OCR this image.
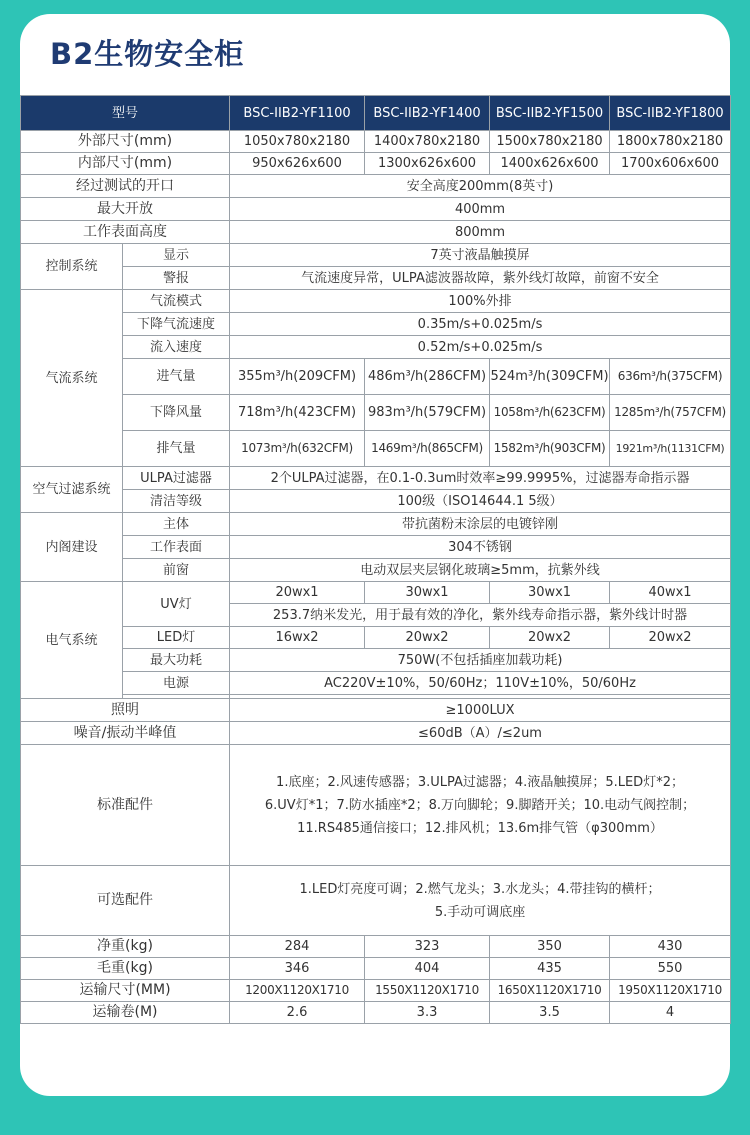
B2生物安全柜
型号		BSC-IIB2-YF1100	BSC-IIB2-YF1400	BSC-IIB2-YF1500	BSC-IIB2-YF1800
外部尺寸(mm)		1050x780x2180	1400x780x2180	1500x780x2180	1800x780x2180
内部尺寸(mm)		950x626x600	1300x626x600	1400x626x600	1700x606x600
经过测试的开口		安全高度200mm(8英寸)			
最大开放		400mm			
工作表面高度		800mm			
控制系统	显示	7英寸液晶触摸屏			
	警报	气流速度异常，ULPA滤波器故障，紫外线灯故障，前窗不安全			
气流系统	气流模式	100%外排			
	下降气流速度	0.35m/s+0.025m/s			
	流入速度	0.52m/s+0.025m/s			
	进气量	355m³/h(209CFM)	486m³/h(286CFM)	524m³/h(309CFM)	636m³/h(375CFM)
	下降风量	718m³/h(423CFM)	983m³/h(579CFM)	1058m³/h(623CFM)	1285m³/h(757CFM)
	排气量	1073m³/h(632CFM)	1469m³/h(865CFM)	1582m³/h(903CFM)	1921m³/h(1131CFM)
空气过滤系统	ULPA过滤器	2个ULPA过滤器，在0.1-0.3um时效率≥99.9995%，过滤器寿命指示器			
	清洁等级	100级（ISO14644.1 5级）			
内阁建设	主体	带抗菌粉末涂层的电镀锌刚			
	工作表面	304不锈钢			
	前窗	电动双层夹层钢化玻璃≥5mm，抗紫外线			
电气系统	UV灯	20wx1	30wx1	30wx1	40wx1
		253.7纳米发光，用于最有效的净化，紫外线寿命指示器，紫外线计时器			
	LED灯	16wx2	20wx2	20wx2	20wx2
	最大功耗	750W(不包括插座加载功耗)			
	电源	AC220V±10%，50/60Hz；110V±10%，50/60Hz			

照明		≥1000LUX			
噪音/振动半峰值		≤60dB（A）/≤2um			
标准配件		1.底座；2.风速传感器；3.ULPA过滤器；4.液晶触摸屏；5.LED灯*2；
6.UV灯*1；7.防水插座*2；8.万向脚轮；9.脚踏开关；10.电动气阀控制；
11.RS485通信接口；12.排风机；13.6m排气管（φ300mm）			

可选配件		1.LED灯亮度可调；2.燃气龙头；3.水龙头；4.带挂钩的横杆；
5.手动可调底座			

净重(kg)		284	323	350	430
毛重(kg)		346	404	435	550
运输尺寸(MM)		1200X1120X1710	1550X1120X1710	1650X1120X1710	1950X1120X1710
运输卷(M)		2.6	3.3	3.5	4
